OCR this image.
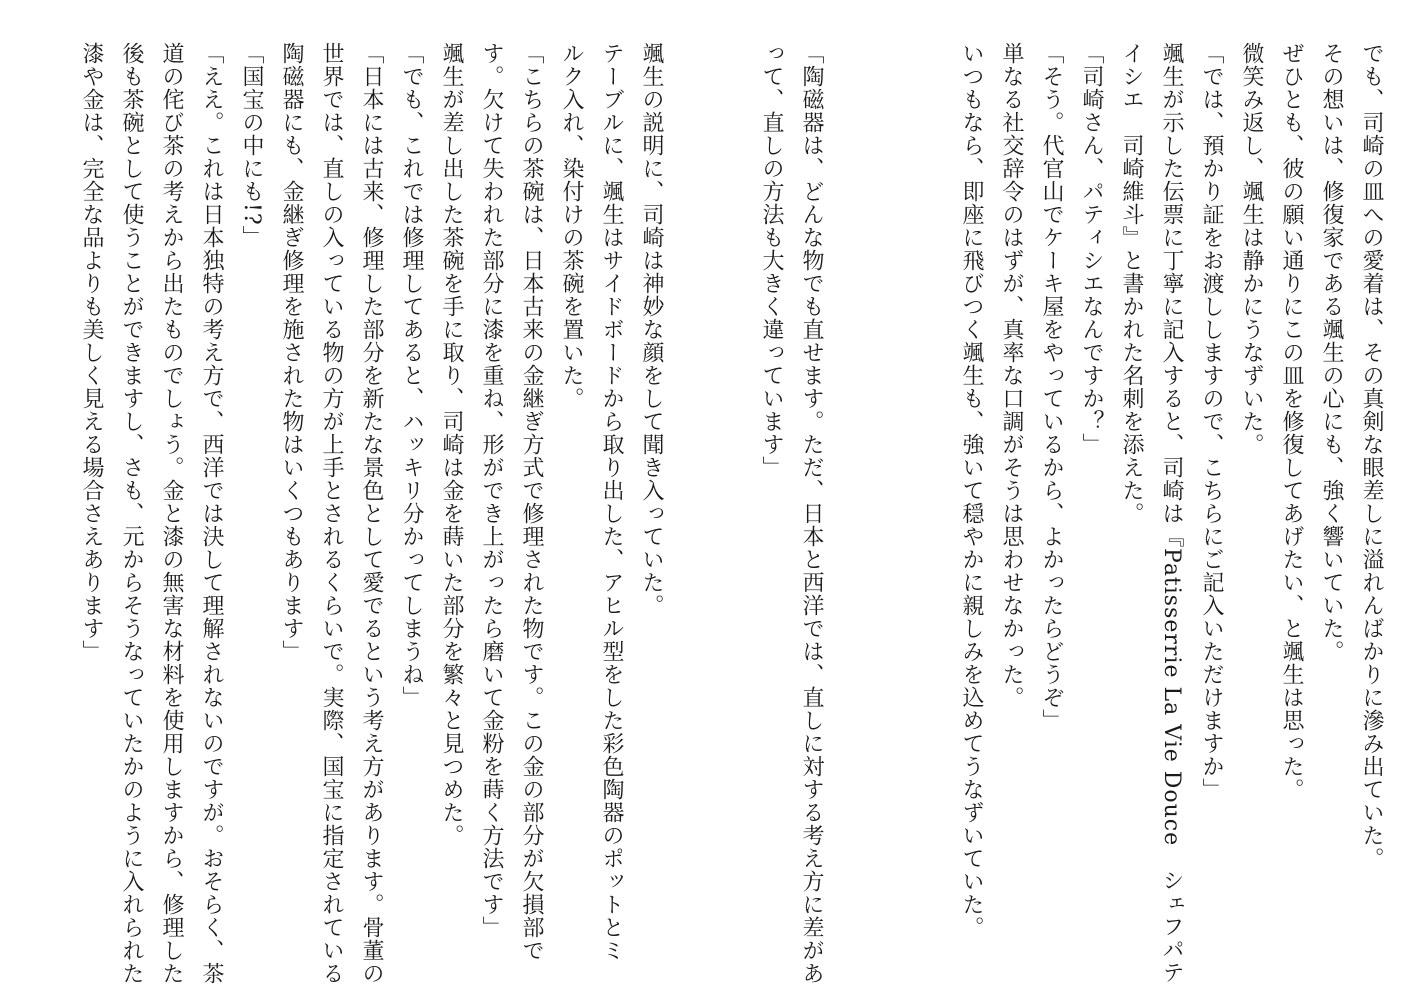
でも、司崎の皿への愛着は、その真剣な眼差しに溢れんばかりに滲み出ていた。
その想いは、修復家である颯生の心にも、強く響いていた。
ぜひとも、彼の願い通りにこの皿を修復してあげたい、と颯生は思った。
微笑み返し、颯生は静かにうなずいた。
「では、預かり証をお渡ししますので、こちらにご記入いただけますか」
颯生が示した伝票に丁寧に記入すると、司崎は『Patisserrie La Vie Douce　シェフパテ
イシエ　司崎維斗』と書かれた名刺を添えた。
「司崎さん、パティシエなんですか？」
「そう。代官山でケーキ屋をやっているから、よかったらどうぞ」
単なる社交辞令のはずが、真率な口調がそうは思わせなかった。
いつもなら、即座に飛びつく颯生も、強いて穏やかに親しみを込めてうなずいていた。
「陶磁器は、どんな物でも直せます。ただ、日本と西洋では、直しに対する考え方に差があ
って、直しの方法も大きく違っています」
颯生の説明に、司崎は神妙な顔をして聞き入っていた。
テーブルに、颯生はサイドボードから取り出した、アヒル型をした彩色陶器のポットとミ
ルク入れ、染付けの茶碗を置いた。
「こちらの茶碗は、日本古来の金継ぎ方式で修理された物です。この金の部分が欠損部で
す。欠けて失われた部分に漆を重ね、形ができ上がったら磨いて金粉を蒔く方法です」
颯生が差し出した茶碗を手に取り、司崎は金を蒔いた部分を繁々と見つめた。
「でも、これでは修理してあると、ハッキリ分かってしまうね」
「日本には古来、修理した部分を新たな景色として愛でるという考え方があります。骨董の
世界では、直しの入っている物の方が上手とされるくらいで。実際、国宝に指定されている
陶磁器にも、金継ぎ修理を施された物はいくつもあります」
「国宝の中にも!?」
「ええ。これは日本独特の考え方で、西洋では決して理解されないのですが。おそらく、茶
道の侘び茶の考えから出たものでしょう。金と漆の無害な材料を使用しますから、修理した
後も茶碗として使うことができますし、さも、元からそうなっていたかのように入れられた
漆や金は、完全な品よりも美しく見える場合さえあります」
